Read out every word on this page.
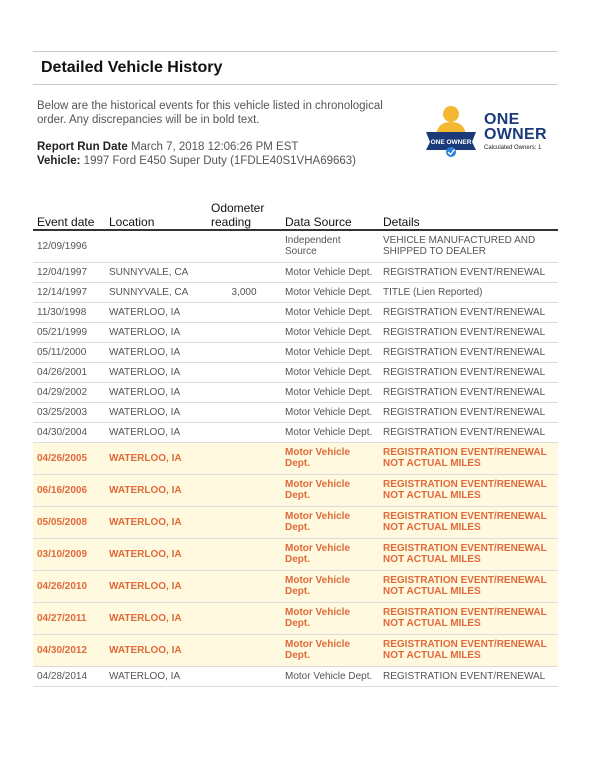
Detailed Vehicle History
Below are the historical events for this vehicle listed in chronological order. Any discrepancies will be in bold text.
Report Run Date March 7, 2018 12:06:26 PM EST
Vehicle: 1997 Ford E450 Super Duty (1FDLE40S1VHA69663)
ONE OWNER
ONE
OWNER
Calculated Owners: 1
Event date	Location	Odometer reading	Data Source	Details
12/09/1996			Independent Source	VEHICLE MANUFACTURED AND SHIPPED TO DEALER
12/04/1997	SUNNYVALE, CA		Motor Vehicle Dept.	REGISTRATION EVENT/RENEWAL
12/14/1997	SUNNYVALE, CA	3,000	Motor Vehicle Dept.	TITLE (Lien Reported)
11/30/1998	WATERLOO, IA		Motor Vehicle Dept.	REGISTRATION EVENT/RENEWAL
05/21/1999	WATERLOO, IA		Motor Vehicle Dept.	REGISTRATION EVENT/RENEWAL
05/11/2000	WATERLOO, IA		Motor Vehicle Dept.	REGISTRATION EVENT/RENEWAL
04/26/2001	WATERLOO, IA		Motor Vehicle Dept.	REGISTRATION EVENT/RENEWAL
04/29/2002	WATERLOO, IA		Motor Vehicle Dept.	REGISTRATION EVENT/RENEWAL
03/25/2003	WATERLOO, IA		Motor Vehicle Dept.	REGISTRATION EVENT/RENEWAL
04/30/2004	WATERLOO, IA		Motor Vehicle Dept.	REGISTRATION EVENT/RENEWAL
04/26/2005	WATERLOO, IA		Motor Vehicle Dept.	REGISTRATION EVENT/RENEWAL NOT ACTUAL MILES
06/16/2006	WATERLOO, IA		Motor Vehicle Dept.	REGISTRATION EVENT/RENEWAL NOT ACTUAL MILES
05/05/2008	WATERLOO, IA		Motor Vehicle Dept.	REGISTRATION EVENT/RENEWAL NOT ACTUAL MILES
03/10/2009	WATERLOO, IA		Motor Vehicle Dept.	REGISTRATION EVENT/RENEWAL NOT ACTUAL MILES
04/26/2010	WATERLOO, IA		Motor Vehicle Dept.	REGISTRATION EVENT/RENEWAL NOT ACTUAL MILES
04/27/2011	WATERLOO, IA		Motor Vehicle Dept.	REGISTRATION EVENT/RENEWAL NOT ACTUAL MILES
04/30/2012	WATERLOO, IA		Motor Vehicle Dept.	REGISTRATION EVENT/RENEWAL NOT ACTUAL MILES
04/28/2014	WATERLOO, IA		Motor Vehicle Dept.	REGISTRATION EVENT/RENEWAL
